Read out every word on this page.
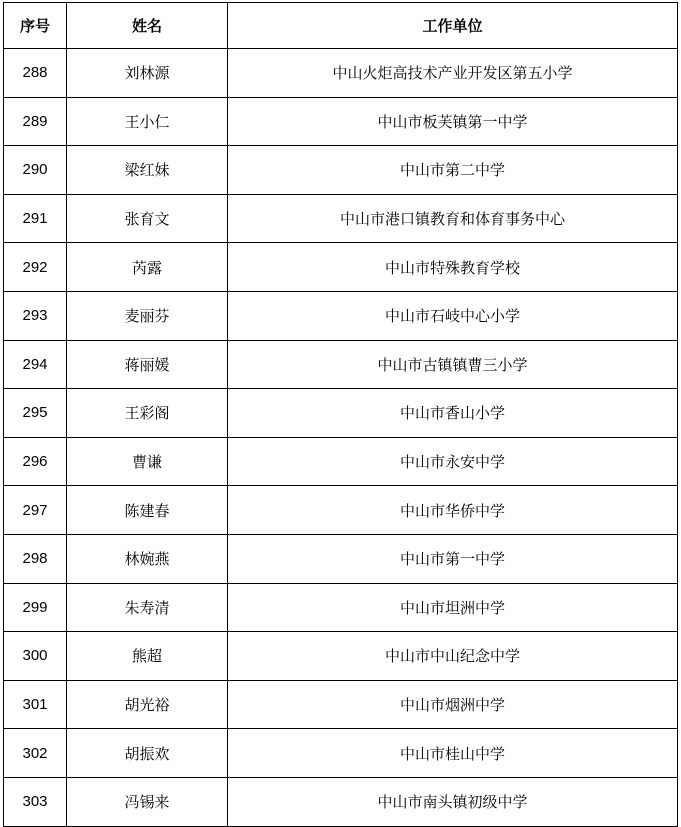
序号	姓名	工作单位
288	刘林源	中山火炬高技术产业开发区第五小学
289	王小仁	中山市板芙镇第一中学
290	梁红妹	中山市第二中学
291	张育文	中山市港口镇教育和体育事务中心
292	芮露	中山市特殊教育学校
293	麦丽芬	中山市石岐中心小学
294	蒋丽媛	中山市古镇镇曹三小学
295	王彩阁	中山市香山小学
296	曹谦	中山市永安中学
297	陈建春	中山市华侨中学
298	林婉燕	中山市第一中学
299	朱寿清	中山市坦洲中学
300	熊超	中山市中山纪念中学
301	胡光裕	中山市烟洲中学
302	胡振欢	中山市桂山中学
303	冯锡来	中山市南头镇初级中学
